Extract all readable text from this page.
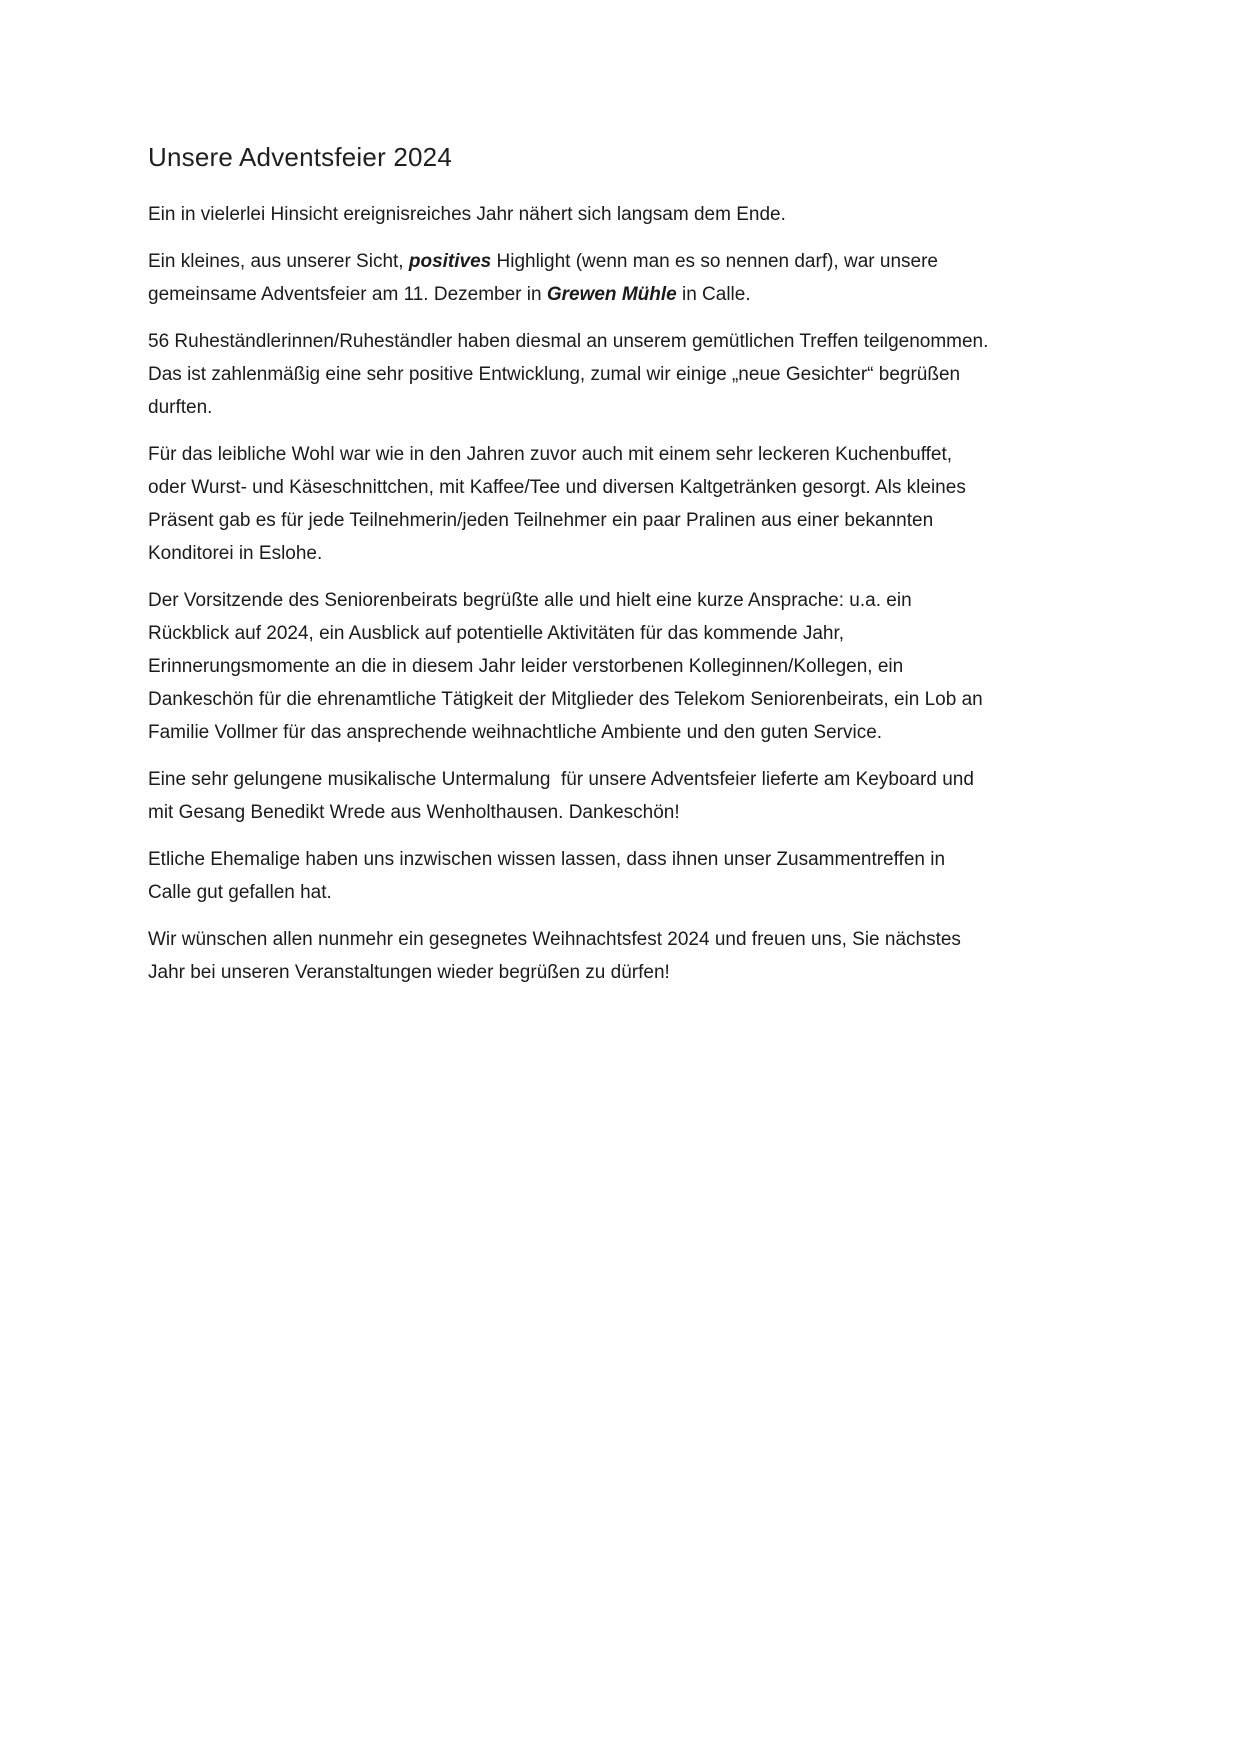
Unsere Adventsfeier 2024

Ein in vielerlei Hinsicht ereignisreiches Jahr nähert sich langsam dem Ende.

Ein kleines, aus unserer Sicht, positives Highlight (wenn man es so nennen darf), war unsere gemeinsame Adventsfeier am 11. Dezember in Grewen Mühle in Calle.

56 Ruheständlerinnen/Ruheständler haben diesmal an unserem gemütlichen Treffen teilgenommen. Das ist zahlenmäßig eine sehr positive Entwicklung, zumal wir einige „neue Gesichter“ begrüßen durften.

Für das leibliche Wohl war wie in den Jahren zuvor auch mit einem sehr leckeren Kuchenbuffet, oder Wurst- und Käseschnittchen, mit Kaffee/Tee und diversen Kaltgetränken gesorgt. Als kleines Präsent gab es für jede Teilnehmerin/jeden Teilnehmer ein paar Pralinen aus einer bekannten Konditorei in Eslohe.

Der Vorsitzende des Seniorenbeirats begrüßte alle und hielt eine kurze Ansprache: u.a. ein Rückblick auf 2024, ein Ausblick auf potentielle Aktivitäten für das kommende Jahr, Erinnerungsmomente an die in diesem Jahr leider verstorbenen Kolleginnen/Kollegen, ein Dankeschön für die ehrenamtliche Tätigkeit der Mitglieder des Telekom Seniorenbeirats, ein Lob an Familie Vollmer für das ansprechende weihnachtliche Ambiente und den guten Service.

Eine sehr gelungene musikalische Untermalung  für unsere Adventsfeier lieferte am Keyboard und mit Gesang Benedikt Wrede aus Wenholthausen. Dankeschön!

Etliche Ehemalige haben uns inzwischen wissen lassen, dass ihnen unser Zusammentreffen in Calle gut gefallen hat.

Wir wünschen allen nunmehr ein gesegnetes Weihnachtsfest 2024 und freuen uns, Sie nächstes Jahr bei unseren Veranstaltungen wieder begrüßen zu dürfen!
